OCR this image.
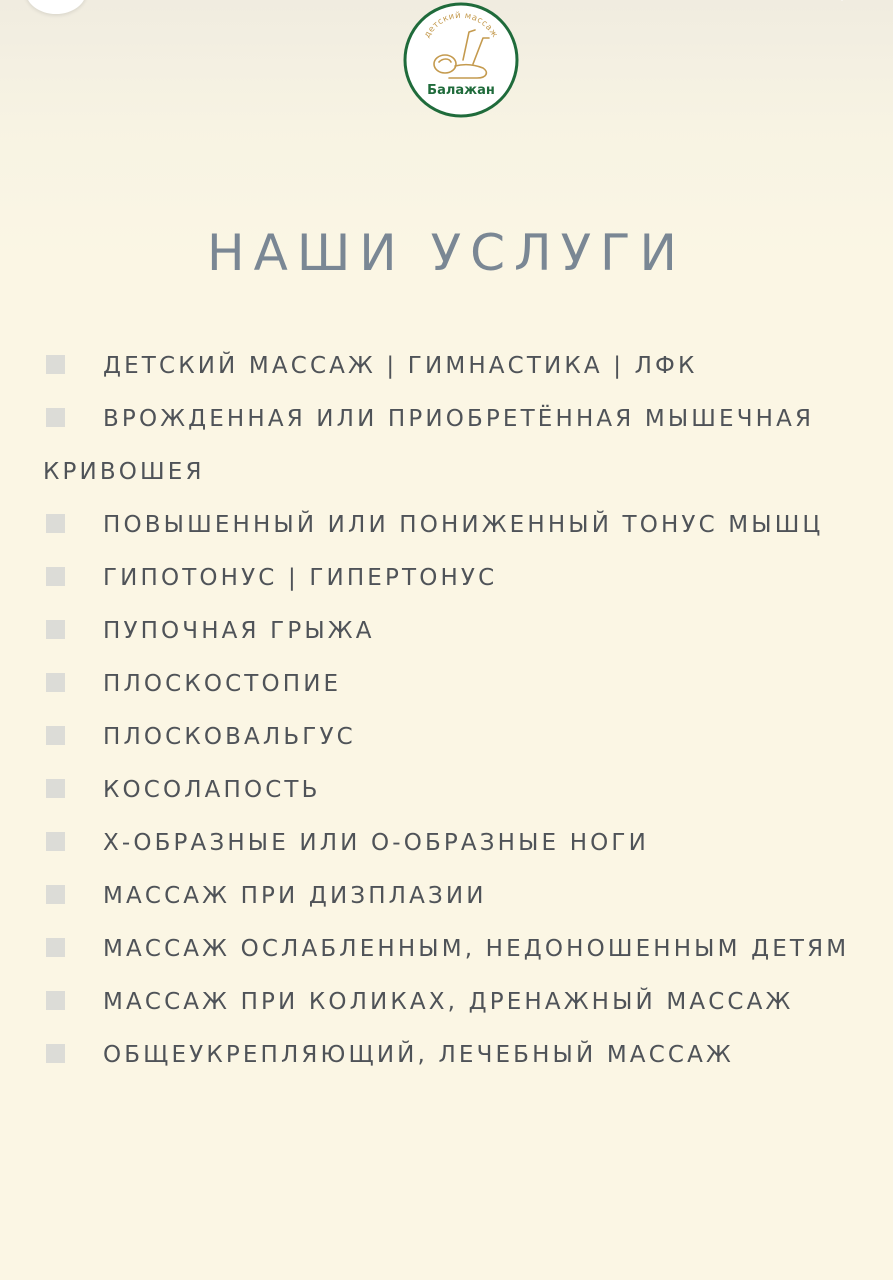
детский массаж
Балажан
НАШИ УСЛУГИ
ДЕТСКИЙ МАССАЖ | ГИМНАСТИКА | ЛФК
ВРОЖДЕННАЯ ИЛИ ПРИОБРЕТЁННАЯ МЫШЕЧНАЯ КРИВОШЕЯ
ПОВЫШЕННЫЙ ИЛИ ПОНИЖЕННЫЙ ТОНУС МЫШЦ
ГИПОТОНУС | ГИПЕРТОНУС
ПУПОЧНАЯ ГРЫЖА
ПЛОСКОСТОПИЕ
ПЛОСКОВАЛЬГУС
КОСОЛАПОСТЬ
Х-ОБРАЗНЫЕ ИЛИ О-ОБРАЗНЫЕ НОГИ
МАССАЖ ПРИ ДИЗПЛАЗИИ
МАССАЖ ОСЛАБЛЕННЫМ, НЕДОНОШЕННЫМ ДЕТЯМ
МАССАЖ ПРИ КОЛИКАХ, ДРЕНАЖНЫЙ МАССАЖ
ОБЩЕУКРЕПЛЯЮЩИЙ, ЛЕЧЕБНЫЙ МАССАЖ
